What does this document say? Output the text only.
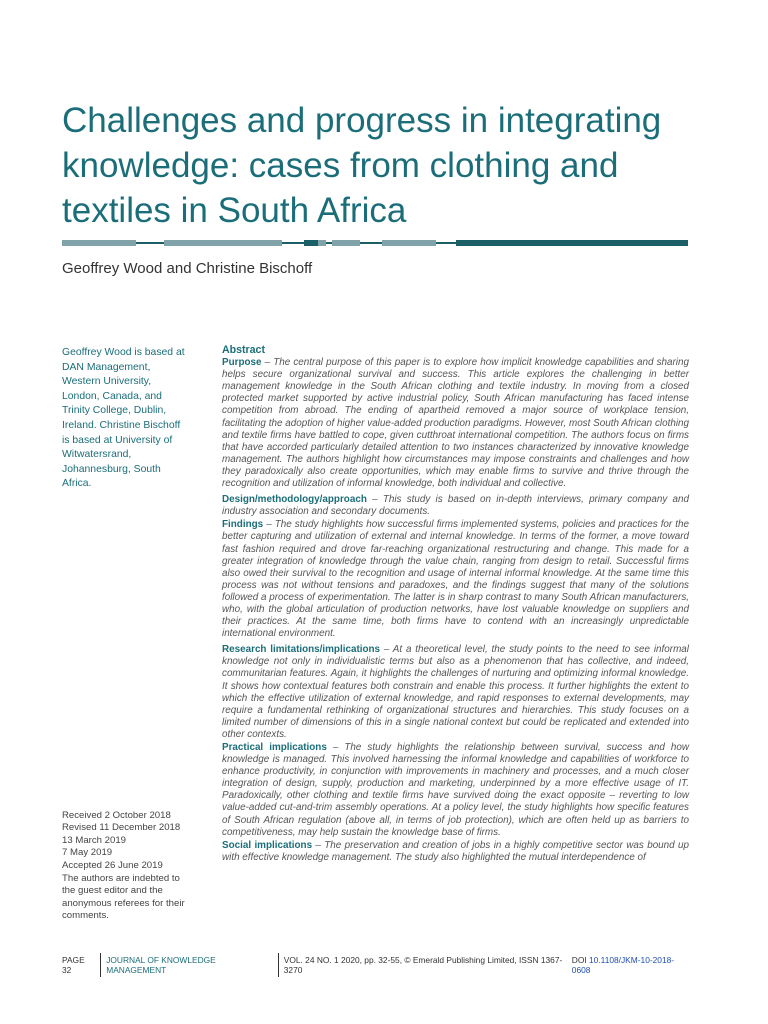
Challenges and progress in integrating knowledge: cases from clothing and textiles in South Africa
Geoffrey Wood and Christine Bischoff

Geoffrey Wood is based at DAN Management, Western University, London, Canada, and Trinity College, Dublin, Ireland. Christine Bischoff is based at University of Witwatersrand, Johannesburg, South Africa.

Received 2 October 2018
Revised 11 December 2018
13 March 2019
7 May 2019
Accepted 26 June 2019

The authors are indebted to the guest editor and the anonymous referees for their comments.

Abstract

Purpose – The central purpose of this paper is to explore how implicit knowledge capabilities and sharing helps secure organizational survival and success. This article explores the challenging in better management knowledge in the South African clothing and textile industry. In moving from a closed protected market supported by active industrial policy, South African manufacturing has faced intense competition from abroad. The ending of apartheid removed a major source of workplace tension, facilitating the adoption of higher value-added production paradigms. However, most South African clothing and textile firms have battled to cope, given cutthroat international competition. The authors focus on firms that have accorded particularly detailed attention to two instances characterized by innovative knowledge management. The authors highlight how circumstances may impose constraints and challenges and how they paradoxically also create opportunities, which may enable firms to survive and thrive through the recognition and utilization of informal knowledge, both individual and collective.

Design/methodology/approach – This study is based on in-depth interviews, primary company and industry association and secondary documents.

Findings – The study highlights how successful firms implemented systems, policies and practices for the better capturing and utilization of external and internal knowledge. In terms of the former, a move toward fast fashion required and drove far-reaching organizational restructuring and change. This made for a greater integration of knowledge through the value chain, ranging from design to retail. Successful firms also owed their survival to the recognition and usage of internal informal knowledge. At the same time this process was not without tensions and paradoxes, and the findings suggest that many of the solutions followed a process of experimentation. The latter is in sharp contrast to many South African manufacturers, who, with the global articulation of production networks, have lost valuable knowledge on suppliers and their practices. At the same time, both firms have to contend with an increasingly unpredictable international environment.

Research limitations/implications – At a theoretical level, the study points to the need to see informal knowledge not only in individualistic terms but also as a phenomenon that has collective, and indeed, communitarian features. Again, it highlights the challenges of nurturing and optimizing informal knowledge. It shows how contextual features both constrain and enable this process. It further highlights the extent to which the effective utilization of external knowledge, and rapid responses to external developments, may require a fundamental rethinking of organizational structures and hierarchies. This study focuses on a limited number of dimensions of this in a single national context but could be replicated and extended into other contexts.

Practical implications – The study highlights the relationship between survival, success and how knowledge is managed. This involved harnessing the informal knowledge and capabilities of workforce to enhance productivity, in conjunction with improvements in machinery and processes, and a much closer integration of design, supply, production and marketing, underpinned by a more effective usage of IT. Paradoxically, other clothing and textile firms have survived doing the exact opposite – reverting to low value-added cut-and-trim assembly operations. At a policy level, the study highlights how specific features of South African regulation (above all, in terms of job protection), which are often held up as barriers to competitiveness, may help sustain the knowledge base of firms.

Social implications – The preservation and creation of jobs in a highly competitive sector was bound up with effective knowledge management. The study also highlighted the mutual interdependence of

PAGE 32
JOURNAL OF KNOWLEDGE MANAGEMENT
VOL. 24 NO. 1 2020, pp. 32-55, © Emerald Publishing Limited, ISSN 1367-3270
DOI 10.1108/JKM-10-2018-0608
